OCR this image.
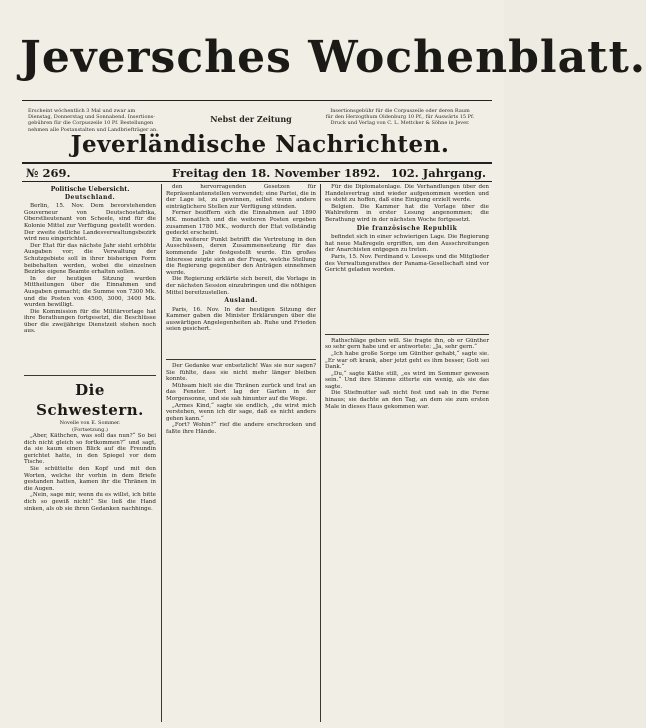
Jeversches Wochenblatt.
Erscheint wöchentlich 3 Mal und zwar am
Dienstag, Donnerstag und Sonnabend. Insertions-
gebühren für die Corpuszeile 10 Pf. Bestellungen
nehmen alle Postanstalten und Landbriefträger an.
Nebst der Zeitung
Insertionsgebühr für die Corpuszeile oder deren Raum
für den Herzogthum Oldenburg 10 Pf., für Auswärts 15 Pf.
Druck und Verlag von C. L. Mettcker & Söhne in Jever.
Jeverländische Nachrichten.
№ 269.	Freitag den 18. November 1892. 102. Jahrgang.
Politische Uebersicht.
Deutschland.
Berlin, 15. Nov. Dem bevorstehenden Gouverneur von Deutschostafrika, Oberstlieutenant von Scheele, sind für die Kolonie Mittel zur Verfügung gestellt worden. Der zweite östliche Landesverwaltungsbezirk wird neu eingerichtet.
Der Etat für das nächste Jahr sieht erhöhte Ausgaben vor; die Verwaltung der Schutzgebiete soll in ihrer bisherigen Form beibehalten werden, wobei die einzelnen Bezirke eigene Beamte erhalten sollen.
In der heutigen Sitzung wurden Mittheilungen über die Einnahmen und Ausgaben gemacht; die Summe von 7300 Mk. und die Posten von 4500, 3000, 3400 Mk. wurden bewilligt.
Die Kommission für die Militärvorlage hat ihre Berathungen fortgesetzt, die Beschlüsse über die zweijährige Dienstzeit stehen noch aus.
Die Schwestern.
Novelle von E. Sommer.
(Fortsetzung.)
„Aber, Käthchen, was soll das nun?“ So bei dich nicht gleich so fortkommen?“ und sagt, da sie kaum einen Blick auf die Freundin gerichtet hatte, in den Spiegel vor dem Tische.
Sie schüttelte den Kopf und mit den Worten, welche ihr vorhin in dem Briefe gestanden hatten, kamen ihr die Thränen in die Augen.
„Nein, sage mir, wenn du es willst, ich bitte dich so gewiß nicht!“ Sie ließ die Hand sinken, als ob sie ihren Gedanken nachhinge.
den hervorragenden Gesetzen für Repräsentantenstellen verwendet; eine Partei, die in der Lage ist, zu gewinnen, selbst wenn andere einträglichere Stellen zur Verfügung stünden.
Ferner beziffern sich die Einnahmen auf 1890 MK. monatlich und die weiteren Posten ergeben zusammen 1780 MK., wodurch der Etat vollständig gedeckt erscheint.
Ein weiterer Punkt betrifft die Vertretung in den Ausschüssen, deren Zusammensetzung für das kommende Jahr festgestellt wurde. Ein großes Interesse zeigte sich an der Frage, welche Stellung die Regierung gegenüber den Anträgen einnehmen werde.
Die Regierung erklärte sich bereit, die Vorlage in der nächsten Session einzubringen und die nöthigen Mittel bereitzustellen.
Ausland.
Paris, 16. Nov. In der heutigen Sitzung der Kammer gaben die Minister Erklärungen über die auswärtigen Angelegenheiten ab. Ruhe und Frieden seien gesichert.
Der Gedanke war entsetzlich! Was sie nur sagen? Sie fühlte, dass sie nicht mehr länger bleiben konnte.
Mühsam hielt sie die Thränen zurück und trat an das Fenster. Dort lag der Garten in der Morgensonne, und sie sah hinunter auf die Wege.
„Armes Kind,“ sagte sie endlich, „du wirst mich verstehen, wenn ich dir sage, daß es nicht anders gehen kann.“
„Fort? Wohin?“ rief die andere erschrocken und faßte ihre Hände.
Für die Diplomatenlage. Die Verhandlungen über den Handelsvertrag sind wieder aufgenommen worden und es steht zu hoffen, daß eine Einigung erzielt werde.
Belgien. Die Kammer hat die Vorlage über die Wahlreform in erster Lesung angenommen; die Berathung wird in der nächsten Woche fortgesetzt.
Die französische Republik
befindet sich in einer schwierigen Lage. Die Regierung hat neue Maßregeln ergriffen, um den Ausschreitungen der Anarchisten entgegen zu treten.
Paris, 15. Nov. Ferdinand v. Lesseps und die Mitglieder des Verwaltungsrathes der Panama-Gesellschaft sind vor Gericht geladen worden.
Rathschläge geben will. Sie fragte ihn, ob er Günther so sehr gern habe und er antwortete: „Ja, sehr gern.“
„Ich habe große Sorge um Günther gehabt,“ sagte sie. „Er war oft krank, aber jetzt geht es ihm besser, Gott sei Dank.“
„Du,“ sagte Käthe still, „es wird im Sommer gewesen sein.“ Und ihre Stimme zitterte ein wenig, als sie das sagte.
Die Stiefmutter saß nicht fest und sah in die Ferne hinaus; sie dachte an den Tag, an dem sie zum ersten Male in dieses Haus gekommen war.
